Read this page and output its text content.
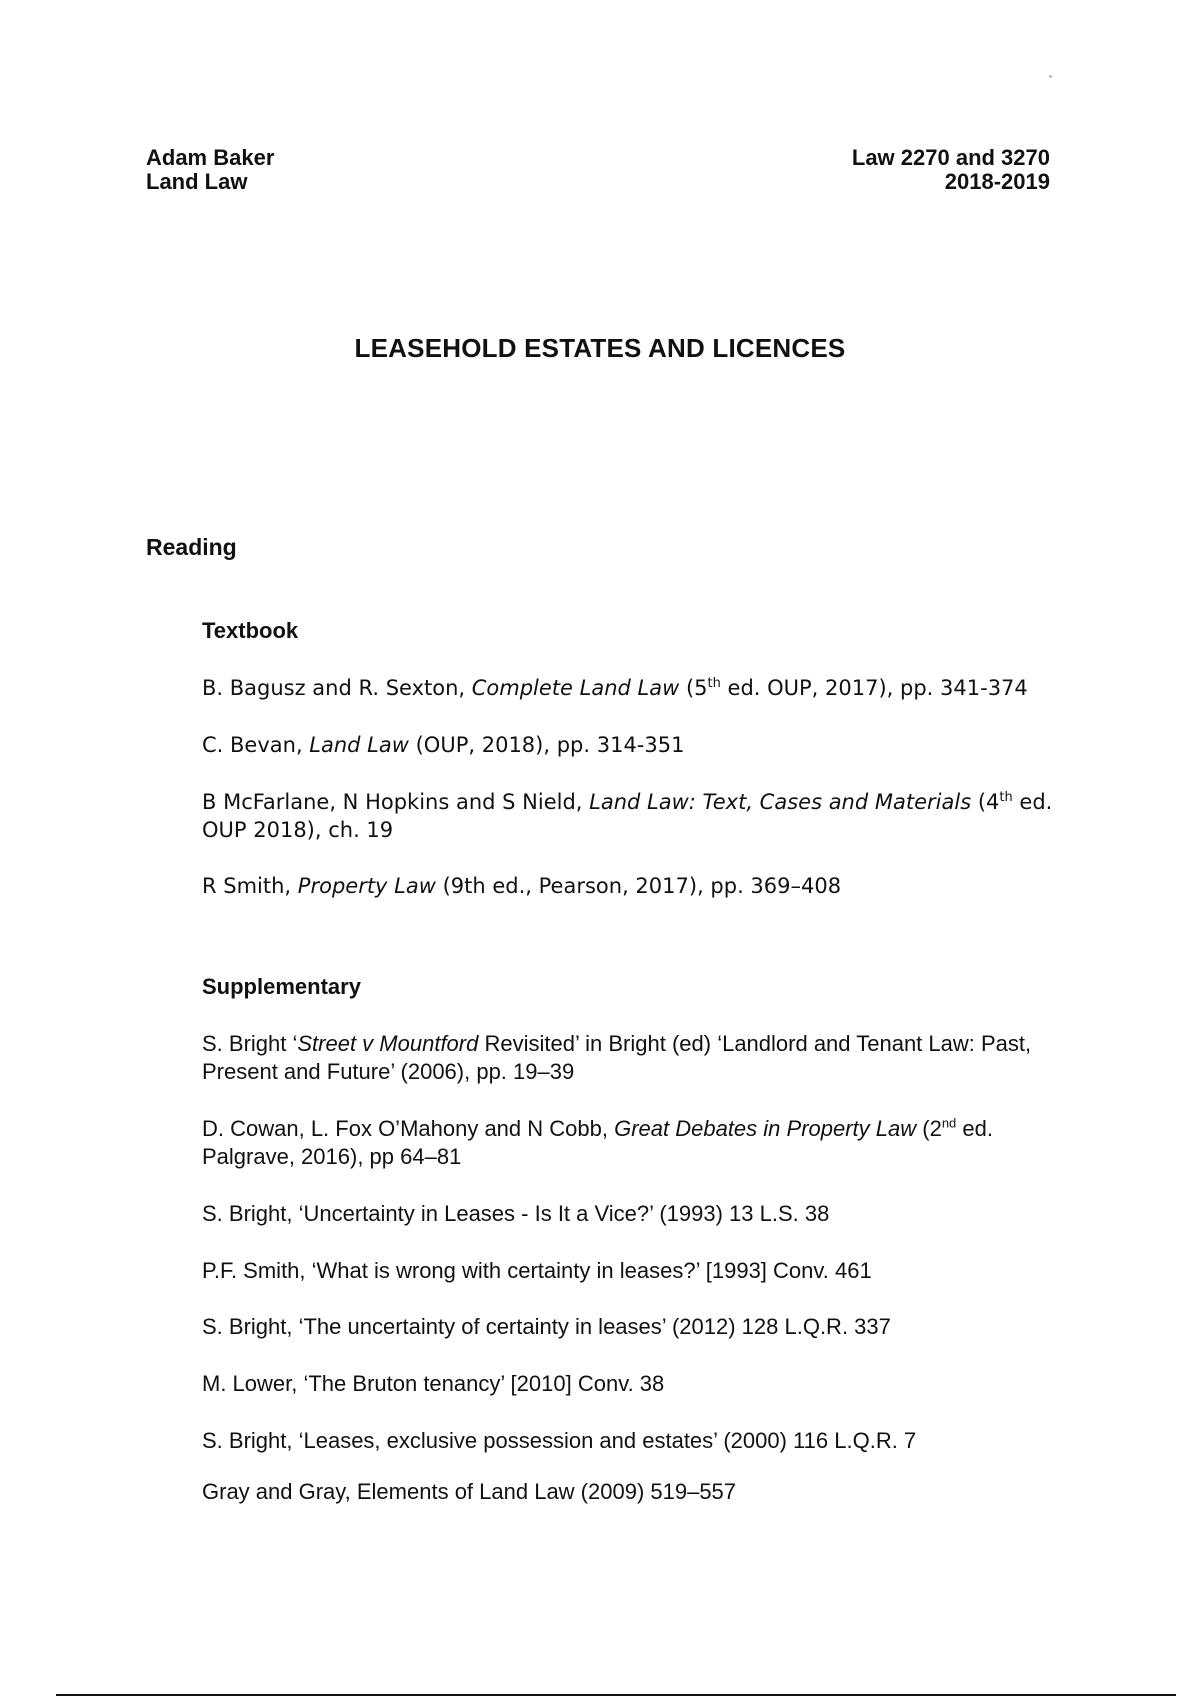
Adam Baker
Land Law
Law 2270 and 3270
2018-2019
LEASEHOLD ESTATES AND LICENCES
Reading
Textbook
B. Bagusz and R. Sexton, Complete Land Law (5th ed. OUP, 2017), pp. 341-374
C. Bevan, Land Law (OUP, 2018), pp. 314-351
B McFarlane, N Hopkins and S Nield, Land Law: Text, Cases and Materials (4th ed. OUP 2018), ch. 19
R Smith, Property Law (9th ed., Pearson, 2017), pp. 369–408
Supplementary
S. Bright ‘Street v Mountford Revisited’ in Bright (ed) ‘Landlord and Tenant Law: Past, Present and Future’ (2006), pp. 19–39
D. Cowan, L. Fox O’Mahony and N Cobb, Great Debates in Property Law (2nd ed. Palgrave, 2016), pp 64–81
S. Bright, ‘Uncertainty in Leases - Is It a Vice?’ (1993) 13 L.S. 38
P.F. Smith, ‘What is wrong with certainty in leases?’ [1993] Conv. 461
S. Bright, ‘The uncertainty of certainty in leases’ (2012) 128 L.Q.R. 337
M. Lower, ‘The Bruton tenancy’ [2010] Conv. 38
S. Bright, ‘Leases, exclusive possession and estates’ (2000) 116 L.Q.R. 7
Gray and Gray, Elements of Land Law (2009) 519–557
